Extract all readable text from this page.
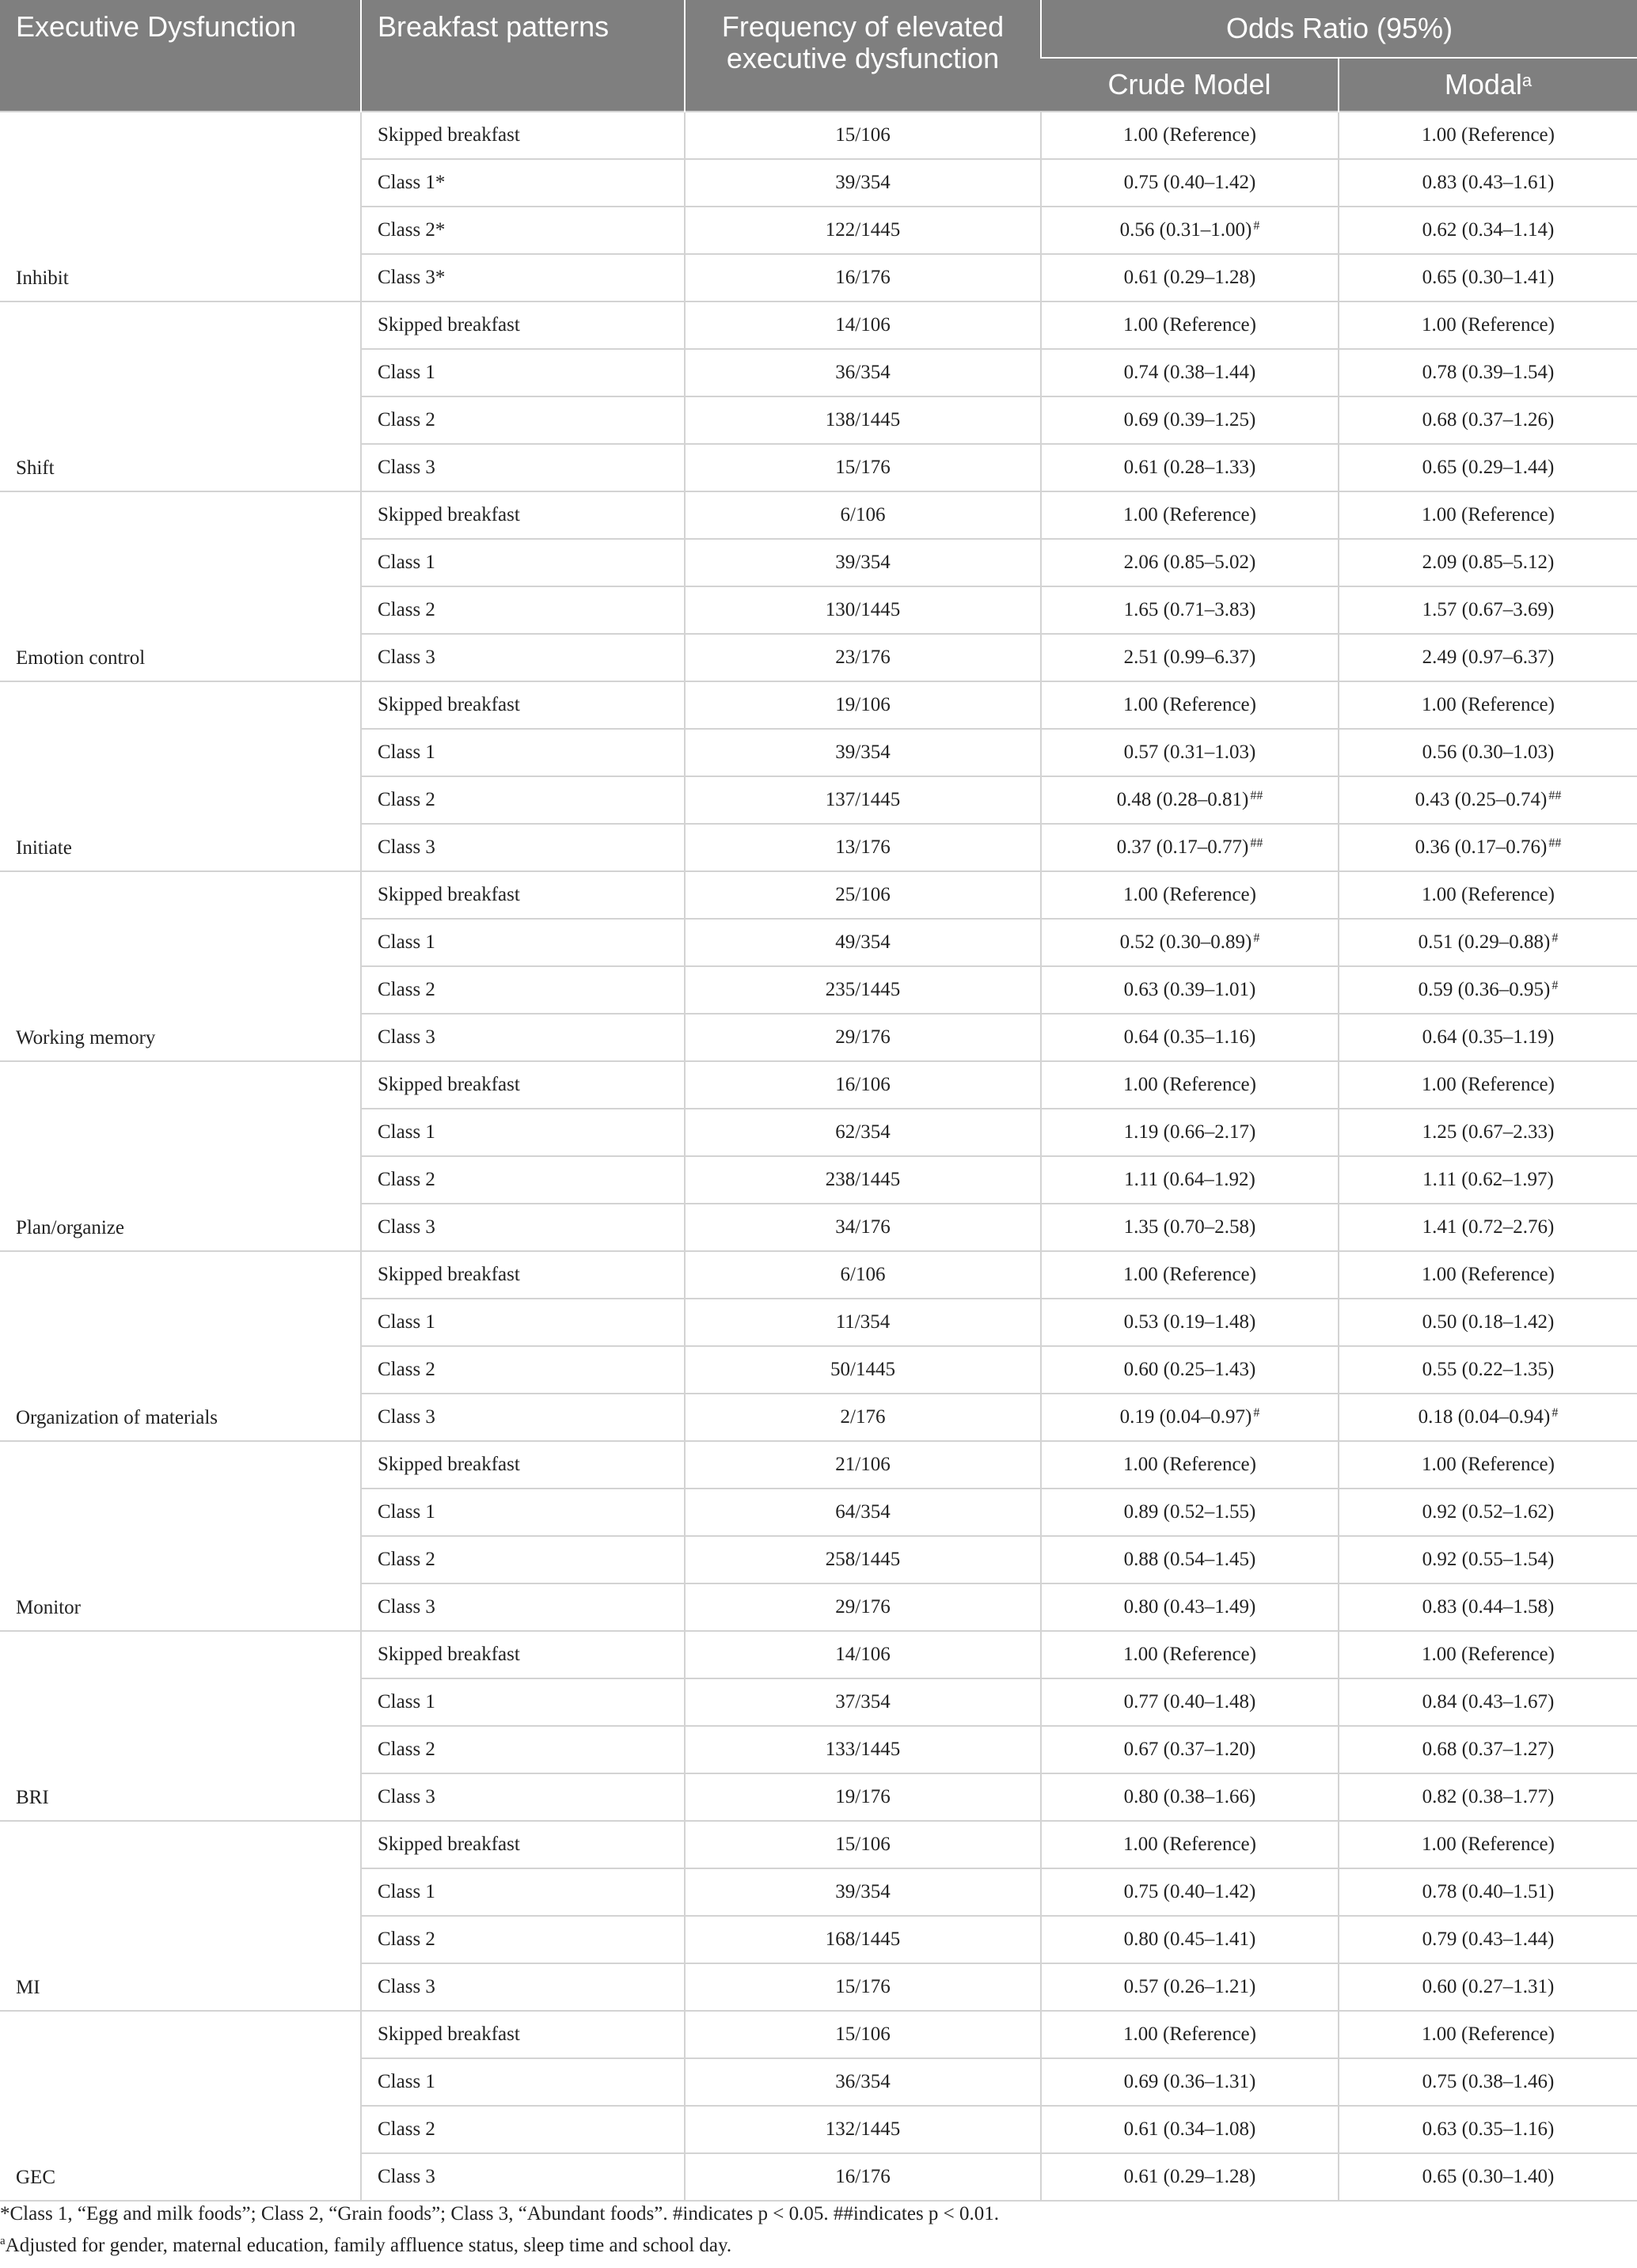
Executive Dysfunction	Breakfast patterns	Frequency of elevated
executive dysfunction	Odds Ratio (95%)	
			Crude Model	Modal$^a$
Inhibit	Skipped breakfast	15/106	1.00 (Reference)	1.00 (Reference)
	Class 1*	39/354	0.75 (0.40–1.42)	0.83 (0.43–1.61)
	Class 2*	122/1445	0.56 (0.31–1.00) #	0.62 (0.34–1.14)
	Class 3*	16/176	0.61 (0.29–1.28)	0.65 (0.30–1.41)
Shift	Skipped breakfast	14/106	1.00 (Reference)	1.00 (Reference)
	Class 1	36/354	0.74 (0.38–1.44)	0.78 (0.39–1.54)
	Class 2	138/1445	0.69 (0.39–1.25)	0.68 (0.37–1.26)
	Class 3	15/176	0.61 (0.28–1.33)	0.65 (0.29–1.44)
Emotion control	Skipped breakfast	6/106	1.00 (Reference)	1.00 (Reference)
	Class 1	39/354	2.06 (0.85–5.02)	2.09 (0.85–5.12)
	Class 2	130/1445	1.65 (0.71–3.83)	1.57 (0.67–3.69)
	Class 3	23/176	2.51 (0.99–6.37)	2.49 (0.97–6.37)
Initiate	Skipped breakfast	19/106	1.00 (Reference)	1.00 (Reference)
	Class 1	39/354	0.57 (0.31–1.03)	0.56 (0.30–1.03)
	Class 2	137/1445	0.48 (0.28–0.81) ##	0.43 (0.25–0.74) ##
	Class 3	13/176	0.37 (0.17–0.77) ##	0.36 (0.17–0.76) ##
Working memory	Skipped breakfast	25/106	1.00 (Reference)	1.00 (Reference)
	Class 1	49/354	0.52 (0.30–0.89) #	0.51 (0.29–0.88) #
	Class 2	235/1445	0.63 (0.39–1.01)	0.59 (0.36–0.95) #
	Class 3	29/176	0.64 (0.35–1.16)	0.64 (0.35–1.19)
Plan/organize	Skipped breakfast	16/106	1.00 (Reference)	1.00 (Reference)
	Class 1	62/354	1.19 (0.66–2.17)	1.25 (0.67–2.33)
	Class 2	238/1445	1.11 (0.64–1.92)	1.11 (0.62–1.97)
	Class 3	34/176	1.35 (0.70–2.58)	1.41 (0.72–2.76)
Organization of materials	Skipped breakfast	6/106	1.00 (Reference)	1.00 (Reference)
	Class 1	11/354	0.53 (0.19–1.48)	0.50 (0.18–1.42)
	Class 2	50/1445	0.60 (0.25–1.43)	0.55 (0.22–1.35)
	Class 3	2/176	0.19 (0.04–0.97) #	0.18 (0.04–0.94) #
Monitor	Skipped breakfast	21/106	1.00 (Reference)	1.00 (Reference)
	Class 1	64/354	0.89 (0.52–1.55)	0.92 (0.52–1.62)
	Class 2	258/1445	0.88 (0.54–1.45)	0.92 (0.55–1.54)
	Class 3	29/176	0.80 (0.43–1.49)	0.83 (0.44–1.58)
BRI	Skipped breakfast	14/106	1.00 (Reference)	1.00 (Reference)
	Class 1	37/354	0.77 (0.40–1.48)	0.84 (0.43–1.67)
	Class 2	133/1445	0.67 (0.37–1.20)	0.68 (0.37–1.27)
	Class 3	19/176	0.80 (0.38–1.66)	0.82 (0.38–1.77)
MI	Skipped breakfast	15/106	1.00 (Reference)	1.00 (Reference)
	Class 1	39/354	0.75 (0.40–1.42)	0.78 (0.40–1.51)
	Class 2	168/1445	0.80 (0.45–1.41)	0.79 (0.43–1.44)
	Class 3	15/176	0.57 (0.26–1.21)	0.60 (0.27–1.31)
GEC	Skipped breakfast	15/106	1.00 (Reference)	1.00 (Reference)
	Class 1	36/354	0.69 (0.36–1.31)	0.75 (0.38–1.46)
	Class 2	132/1445	0.61 (0.34–1.08)	0.63 (0.35–1.16)
	Class 3	16/176	0.61 (0.29–1.28)	0.65 (0.30–1.40)
*Class 1, “Egg and milk foods”; Class 2, “Grain foods”; Class 3, “Abundant foods”. #indicates p < 0.05. ##indicates p < 0.01.
$^a$Adjusted for gender, maternal education, family affluence status, sleep time and school day.
